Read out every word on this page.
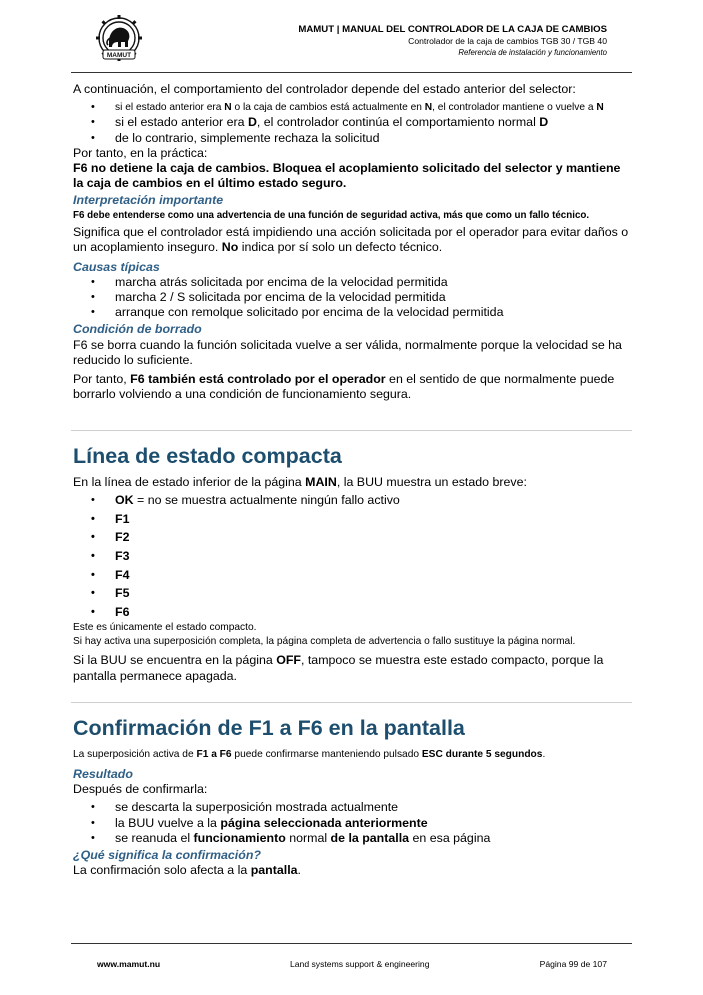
MAMUT
MAMUT | MANUAL DEL CONTROLADOR DE LA CAJA DE CAMBIOS
Controlador de la caja de cambios TGB 30 / TGB 40
Referencia de instalación y funcionamiento

A continuación, el comportamiento del controlador depende del estado anterior del selector:

• si el estado anterior era N o la caja de cambios está actualmente en N, el controlador mantiene o vuelve a N
• si el estado anterior era D, el controlador continúa el comportamiento normal D
• de lo contrario, simplemente rechaza la solicitud

Por tanto, en la práctica:

F6 no detiene la caja de cambios. Bloquea el acoplamiento solicitado del selector y mantiene la caja de cambios en el último estado seguro.

Interpretación importante
F6 debe entenderse como una advertencia de una función de seguridad activa, más que como un fallo técnico.

Significa que el controlador está impidiendo una acción solicitada por el operador para evitar daños o un acoplamiento inseguro. No indica por sí solo un defecto técnico.

Causas típicas
• marcha atrás solicitada por encima de la velocidad permitida
• marcha 2 / S solicitada por encima de la velocidad permitida
• arranque con remolque solicitado por encima de la velocidad permitida
Condición de borrado

F6 se borra cuando la función solicitada vuelve a ser válida, normalmente porque la velocidad se ha reducido lo suficiente.

Por tanto, F6 también está controlado por el operador en el sentido de que normalmente puede borrarlo volviendo a una condición de funcionamiento segura.

Línea de estado compacta

En la línea de estado inferior de la página MAIN, la BUU muestra un estado breve:

• OK = no se muestra actualmente ningún fallo activo
• F1
• F2
• F3
• F4
• F5
• F6
Este es únicamente el estado compacto.
Si hay activa una superposición completa, la página completa de advertencia o fallo sustituye la página normal.

Si la BUU se encuentra en la página OFF, tampoco se muestra este estado compacto, porque la pantalla permanece apagada.

Confirmación de F1 a F6 en la pantalla
La superposición activa de F1 a F6 puede confirmarse manteniendo pulsado ESC durante 5 segundos.
Resultado

Después de confirmarla:

• se descarta la superposición mostrada actualmente
• la BUU vuelve a la página seleccionada anteriormente
• se reanuda el funcionamiento normal de la pantalla en esa página
¿Qué significa la confirmación?

La confirmación solo afecta a la pantalla.

www.mamut.nu	Land systems support & engineering	Página 99 de 107
